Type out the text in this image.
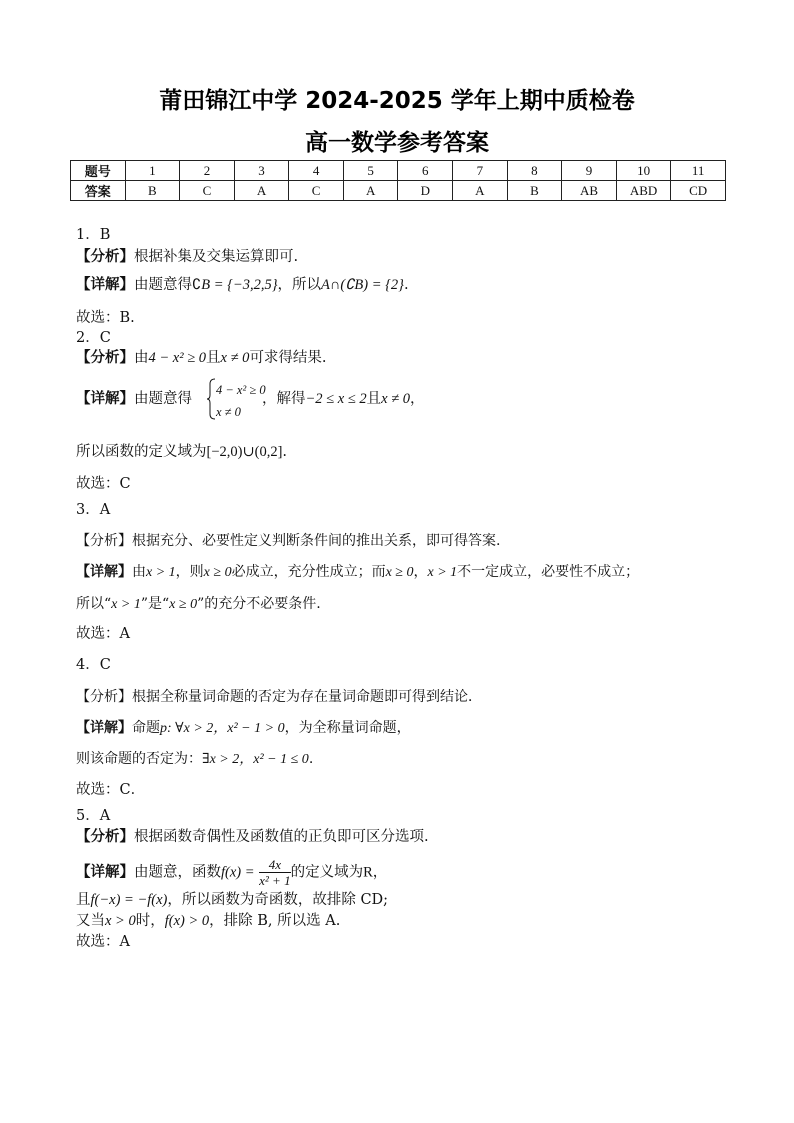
莆田锦江中学 2024-2025 学年上期中质检卷
高一数学参考答案
题号	1	2	3	4	5	6	7	8	9	10	11
答案	B	C	A	C	A	D	A	B	AB	ABD	CD
1．B
【分析】根据补集及交集运算即可.
【详解】由题意得∁B = {−3,2,5}，所以A∩(∁B) = {2}.
故选：B.
2．C
【分析】由4 − x² ≥ 0且x ≠ 0可求得结果.
【详解】由题意得	，解得−2 ≤ x ≤ 2且x ≠ 0，
4 − x² ≥ 0
x ≠ 0
所以函数的定义域为[−2,0)∪(0,2].
故选：C
3．A
【分析】根据充分、必要性定义判断条件间的推出关系，即可得答案.
【详解】由x > 1，则x ≥ 0必成立，充分性成立；而x ≥ 0，x > 1不一定成立，必要性不成立；
所以“x > 1”是“x ≥ 0”的充分不必要条件.
故选：A
4．C
【分析】根据全称量词命题的否定为存在量词命题即可得到结论．
【详解】命题p: ∀x > 2，x² − 1 > 0，为全称量词命题，
则该命题的否定为：∃x > 2，x² − 1 ≤ 0.
故选：C．
5．A
【分析】根据函数奇偶性及函数值的正负即可区分选项.
【详解】由题意，函数$f(x) = \frac{4x}{\text{x² + 1}}$ 的定义域为R，
且f(−x) = −f(x)，所以函数为奇函数，故排除 CD;
又当x > 0时，f(x) > 0，排除 B, 所以选 A.
故选：A
